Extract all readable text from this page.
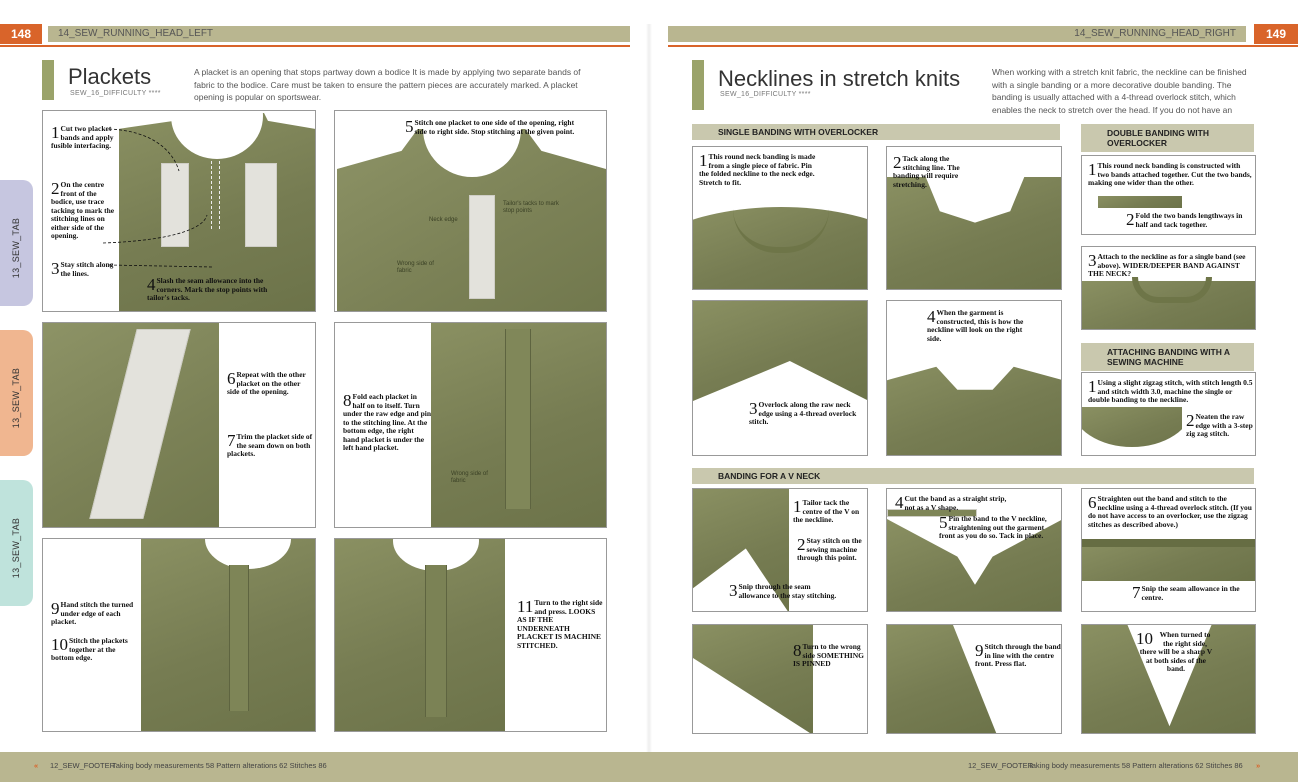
148	14_SEW_RUNNING_HEAD_LEFT	14_SEW_RUNNING_HEAD_RIGHT	149
13_SEW_TAB
13_SEW_TAB
13_SEW_TAB
Plackets
SEW_16_DIFFICULTY ****
A placket is an opening that stops partway down a bodice It is made by applying two separate bands of fabric to the bodice. Care must be taken to ensure the pattern pieces are accurately marked. A placket opening is popular on sportswear.
1 Cut two placket bands and apply fusible interfacing.
2 On the centre front of the bodice, use trace tacking to mark the stitching lines on either side of the opening.
3 Stay stitch along the lines.
4 Slash the seam allowance into the corners. Mark the stop points with tailor's tacks.
5 Stitch one placket to one side of the opening, right side to right side. Stop stitching at the given point.
Neck edge
Tailor's tacks to mark stop points
Wrong side of fabric
6 Repeat with the other placket on the other side of the opening.
7 Trim the placket side of the seam down on both plackets.
8 Fold each placket in half on to itself. Turn under the raw edge and pin to the stitching line. At the bottom edge, the right hand placket is under the left hand placket.
Wrong side of fabric
9 Hand stitch the turned under edge of each placket.
10 Stitch the plackets together at the bottom edge.
11 Turn to the right side and press. LOOKS AS IF THE UNDERNEATH PLACKET IS MACHINE STITCHED.
Necklines in stretch knits
SEW_16_DIFFICULTY ****
When working with a stretch knit fabric, the neckline can be finished with a single banding or a more decorative double banding. The banding is usually attached with a 4-thread overlock stitch, which enables the neck to stretch over the head. If you do not have an
SINGLE BANDING WITH OVERLOCKER	DOUBLE BANDING WITH OVERLOCKER
ATTACHING BANDING WITH A SEWING MACHINE
BANDING FOR A V NECK
1 This round neck banding is made from a single piece of fabric. Pin the folded neckline to the neck edge. Stretch to fit.
2 Tack along the stitching line. The banding will require stretching.
3 Overlock along the raw neck edge using a 4-thread overlock stitch.
4 When the garment is constructed, this is how the neckline will look on the right side.
1 This round neck banding is constructed with two bands attached together. Cut the two bands, making one wider than the other.
2 Fold the two bands lengthways in half and tack together.
3 Attach to the neckline as for a single band (see above). WIDER/DEEPER BAND AGAINST THE NECK?
1 Using a slight zigzag stitch, with stitch length 0.5 and stitch width 3.0, machine the single or double banding to the neckline.
2 Neaten the raw edge with a 3-step zig zag stitch.
1 Tailor tack the centre of the V on the neckline.
2 Stay stitch on the sewing machine through this point.
3 Snip through the seam allowance to the stay stitching.
4 Cut the band as a straight strip, not as a V shape.
5 Pin the band to the V neckline, straightening out the garment front as you do so. Tack in place.
6 Straighten out the band and stitch to the neckline using a 4-thread overlock stitch. (If you do not have access to an overlocker, use the zigzag stitches as described above.)
7 Snip the seam allowance in the centre.
8 Turn to the wrong side SOMETHING IS PINNED
9 Stitch through the band in line with the centre front. Press flat.
10 When turned to the right side, there will be a sharp V at both sides of the band.
« 12_SEW_FOOTER
Taking body measurements 58 Pattern alterations 62 Stitches 86	12_SEW_FOOTER
Taking body measurements 58 Pattern alterations 62 Stitches 86 »
